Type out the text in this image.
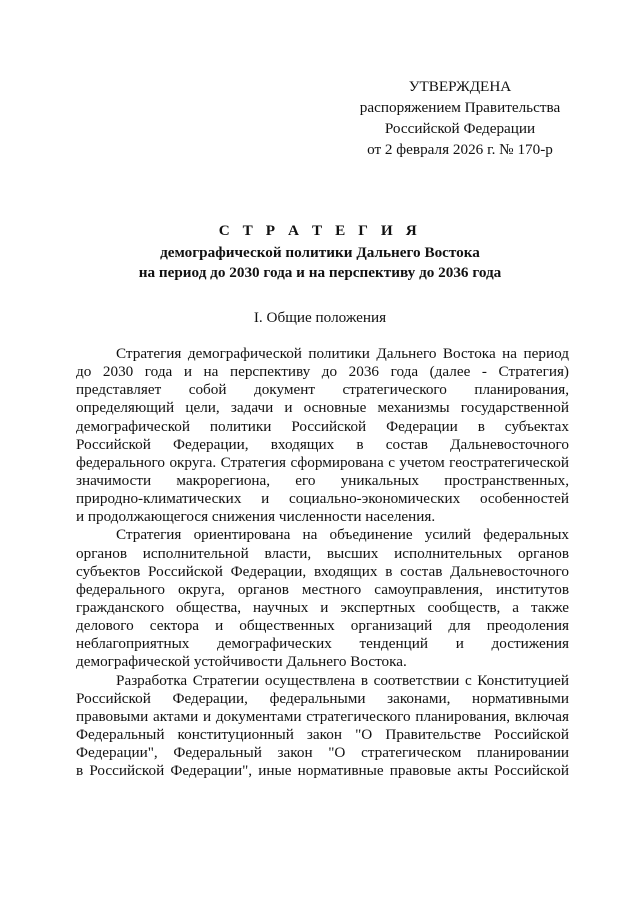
УТВЕРЖДЕНА
распоряжением Правительства
Российской Федерации
от 2 февраля 2026 г. № 170-р
С Т Р А Т Е Г И Я
демографической политики Дальнего Востока
на период до 2030 года и на перспективу до 2036 года
I. Общие положения
Стратегия демографической политики Дальнего Востока на период
до 2030 года и на перспективу до 2036 года (далее - Стратегия)
представляет собой документ стратегического планирования,
определяющий цели, задачи и основные механизмы государственной
демографической политики Российской Федерации в субъектах
Российской Федерации, входящих в состав Дальневосточного
федерального округа. Стратегия сформирована с учетом геостратегической
значимости макрорегиона, его уникальных пространственных,
природно-климатических и социально-экономических особенностей
и продолжающегося снижения численности населения.
Стратегия ориентирована на объединение усилий федеральных
органов исполнительной власти, высших исполнительных органов
субъектов Российской Федерации, входящих в состав Дальневосточного
федерального округа, органов местного самоуправления, институтов
гражданского общества, научных и экспертных сообществ, а также
делового сектора и общественных организаций для преодоления
неблагоприятных демографических тенденций и достижения
демографической устойчивости Дальнего Востока.
Разработка Стратегии осуществлена в соответствии с Конституцией
Российской Федерации, федеральными законами, нормативными
правовыми актами и документами стратегического планирования, включая
Федеральный конституционный закон "О Правительстве Российской
Федерации", Федеральный закон "О стратегическом планировании
в Российской Федерации", иные нормативные правовые акты Российской
